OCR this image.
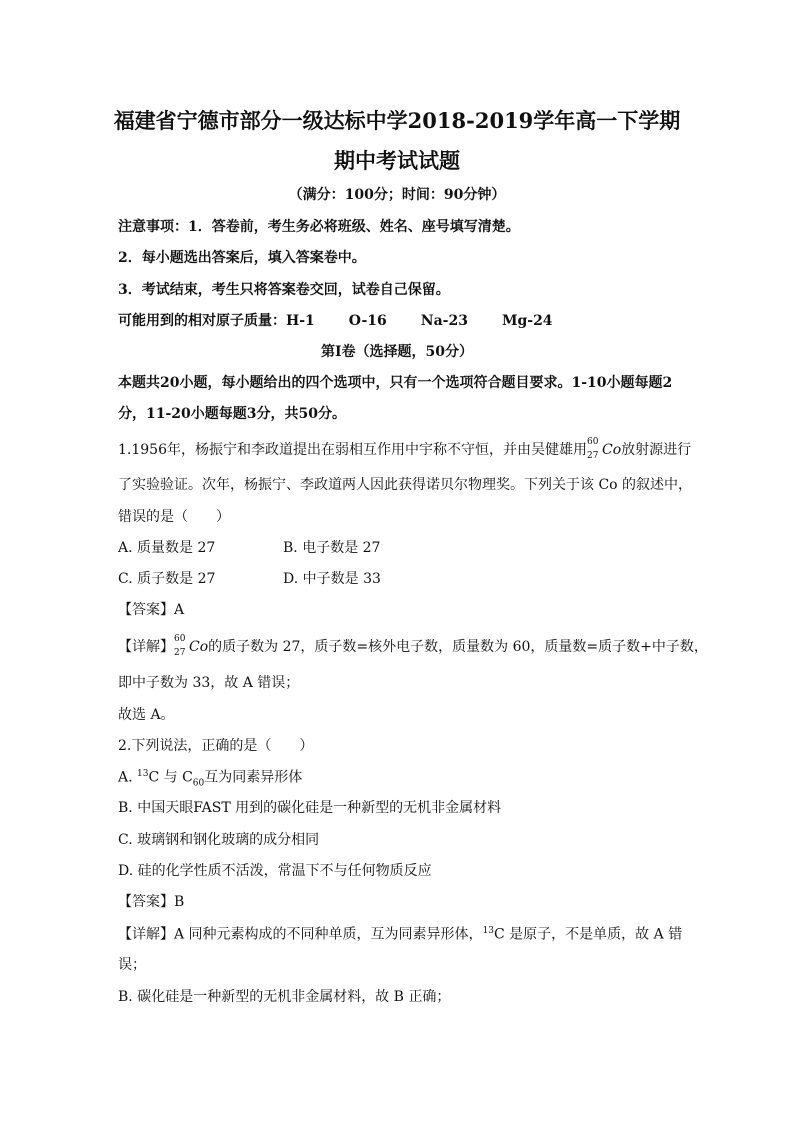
福建省宁德市部分一级达标中学2018-2019学年高一下学期
期中考试试题
（满分：100分；时间：90分钟）
注意事项：1．答卷前，考生务必将班级、姓名、座号填写清楚。
2．每小题选出答案后，填入答案卷中。
3．考试结束，考生只将答案卷交回，试卷自己保留。
可能用到的相对原子质量：H-1 O-16 Na-23 Mg-24
第Ⅰ卷（选择题，50分）
本题共20小题，每小题给出的四个选项中，只有一个选项符合题目要求。1-10小题每题2
分，11-20小题每题3分，共50分。
1.1956年，杨振宁和李政道提出在弱相互作用中宇称不守恒，并由吴健雄用 60
27 Co放射源进行
了实验验证。次年，杨振宁、李政道两人因此获得诺贝尔物理奖。下列关于该 Co 的叙述中，
错误的是（　　）
A. 质量数是 27	B. 电子数是 27
C. 质子数是 27	D. 中子数是 33
【答案】A
【详解】 60
27 Co的质子数为 27，质子数=核外电子数，质量数为 60，质量数=质子数+中子数，
即中子数为 33，故 A 错误；
故选 A。
2.下列说法，正确的是（　　）
A. $^{13}$C 与 $C_{60}$互为同素异形体
B. 中国天眼FAST 用到的碳化硅是一种新型的无机非金属材料
C. 玻璃钢和钢化玻璃的成分相同
D. 硅的化学性质不活泼，常温下不与任何物质反应
【答案】B
【详解】A 同种元素构成的不同种单质，互为同素异形体，$^{13}$C 是原子，不是单质，故 A 错
误；
B. 碳化硅是一种新型的无机非金属材料，故 B 正确；
